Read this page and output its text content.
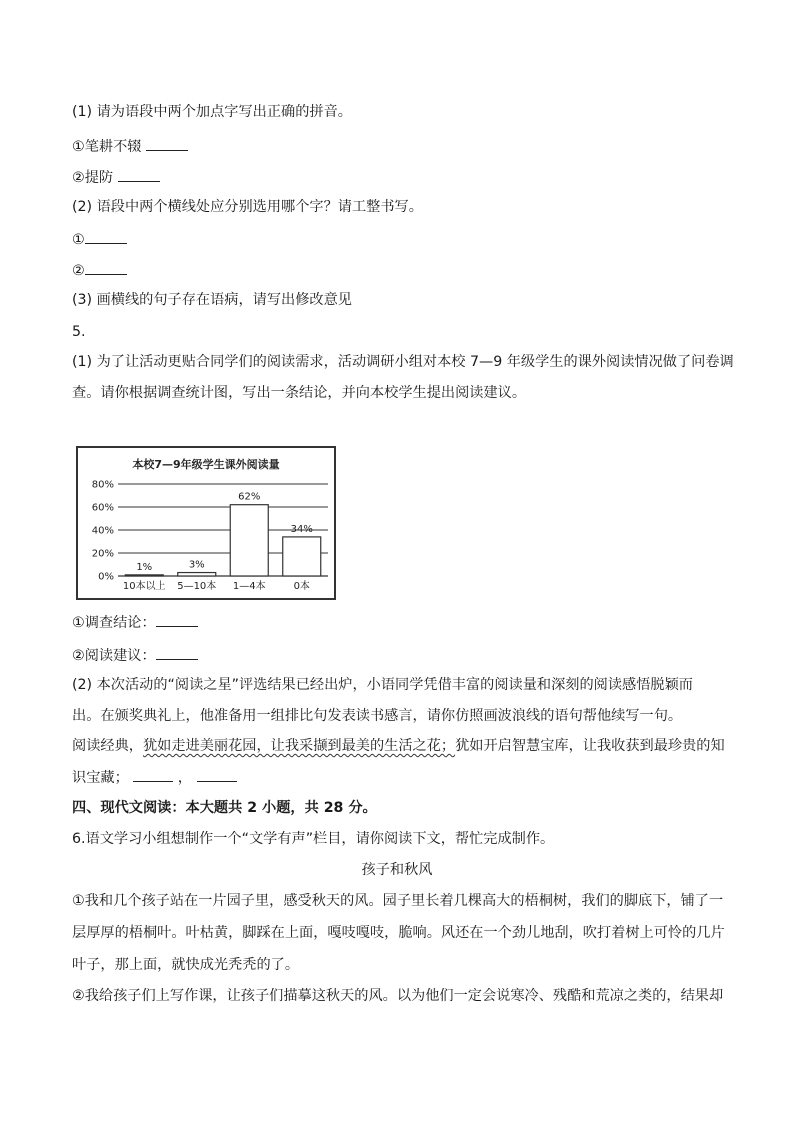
(1) 请为语段中两个加点字写出正确的拼音。
①笔耕不辍
②提防
(2) 语段中两个横线处应分别选用哪个字？请工整书写。
①
②
(3) 画横线的句子存在语病，请写出修改意见
5.
(1) 为了让活动更贴合同学们的阅读需求，活动调研小组对本校 7—9 年级学生的课外阅读情况做了问卷调
查。请你根据调查统计图，写出一条结论，并向本校学生提出阅读建议。
本校7—9年级学生课外阅读量
0%
20%
40%
60%
80%
1%
10本以上
3%
5—10本
62%
1—4本
34%
0本
①调查结论：
②阅读建议：
(2) 本次活动的“阅读之星”评选结果已经出炉，小语同学凭借丰富的阅读量和深刻的阅读感悟脱颖而
出。在颁奖典礼上，他准备用一组排比句发表读书感言，请你仿照画波浪线的语句帮他续写一句。
阅读经典，犹如走进美丽花园，让我采撷到最美的生活之花；犹如开启智慧宝库，让我收获到最珍贵的知
识宝藏；	，
四、现代文阅读：本大题共 2 小题，共 28 分。
6.语文学习小组想制作一个“文学有声”栏目，请你阅读下文，帮忙完成制作。
孩子和秋风
①我和几个孩子站在一片园子里，感受秋天的风。园子里长着几棵高大的梧桐树，我们的脚底下，铺了一
层厚厚的梧桐叶。叶枯黄，脚踩在上面，嘎吱嘎吱，脆响。风还在一个劲儿地刮，吹打着树上可怜的几片
叶子，那上面，就快成光秃秃的了。
②我给孩子们上写作课，让孩子们描摹这秋天的风。以为他们一定会说寒冷、残酷和荒凉之类的，结果却
